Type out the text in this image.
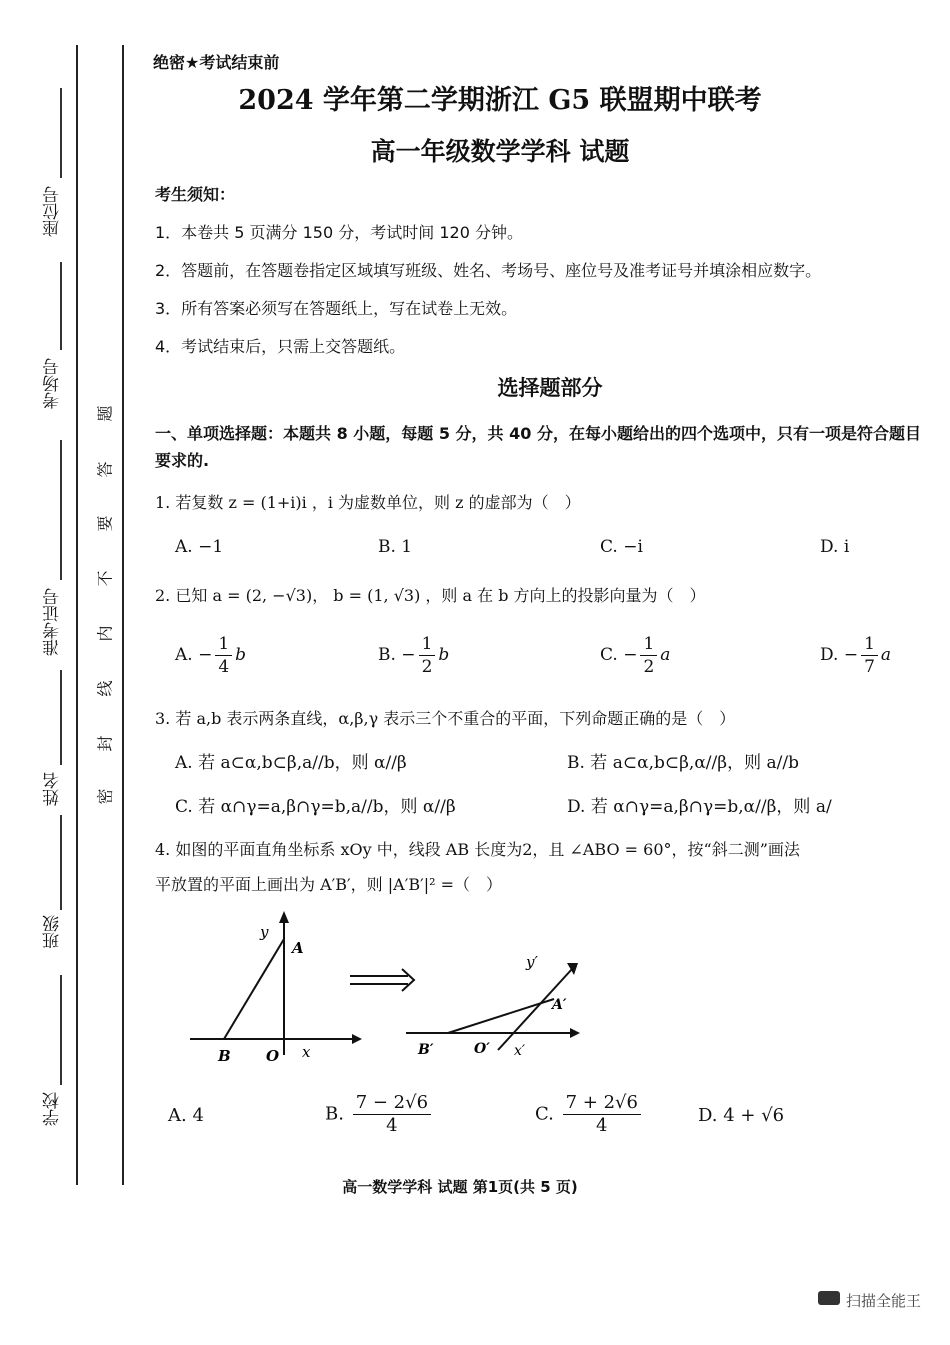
座位号
考场号
准考证号
姓名
班级
学校
题
答
要
不
内
线
封
密
绝密★考试结束前
2024 学年第二学期浙江 G5 联盟期中联考
高一年级数学学科 试题
考生须知：
1．本卷共 5 页满分 150 分，考试时间 120 分钟。
2．答题前，在答题卷指定区域填写班级、姓名、考场号、座位号及准考证号并填涂相应数字。
3．所有答案必须写在答题纸上，写在试卷上无效。
4．考试结束后，只需上交答题纸。
选择题部分
一、单项选择题：本题共 8 小题，每题 5 分，共 40 分，在每小题给出的四个选项中，只有一项是符合题目要求的.
1. 若复数 z = (1+i)i ，i 为虚数单位，则 z 的虚部为（　）
A. −1	B. 1	C. −i	D. i
2. 已知 a = (2, −√3)， b = (1, √3) ，则 a 在 b 方向上的投影向量为（　）
A. − $\frac{1}{4}$ b	B. − $\frac{1}{2}$ b	C. − $\frac{1}{2}$ a	D. − $\frac{1}{7}$ a
3. 若 a,b 表示两条直线，α,β,γ 表示三个不重合的平面，下列命题正确的是（　）
A. 若 a⊂α,b⊂β,a//b，则 α//β	B. 若 a⊂α,b⊂β,α//β，则 a//b
C. 若 α∩γ=a,β∩γ=b,a//b，则 α//β	D. 若 α∩γ=a,β∩γ=b,α//β，则 a/
4. 如图的平面直角坐标系 xOy 中，线段 AB 长度为2，且 ∠ABO = 60°，按“斜二测”画法
平放置的平面上画出为 A′B′，则 |A′B′|² =（　）
y
A
B O x
y′
A′
B′	O′ x′
A. 4	B. $\frac{7 - 2√6}{4}$	C. $\frac{7 + 2√6}{4}$	D. 4 + √6
高一数学学科 试题 第1页(共 5 页)
扫描全能王
